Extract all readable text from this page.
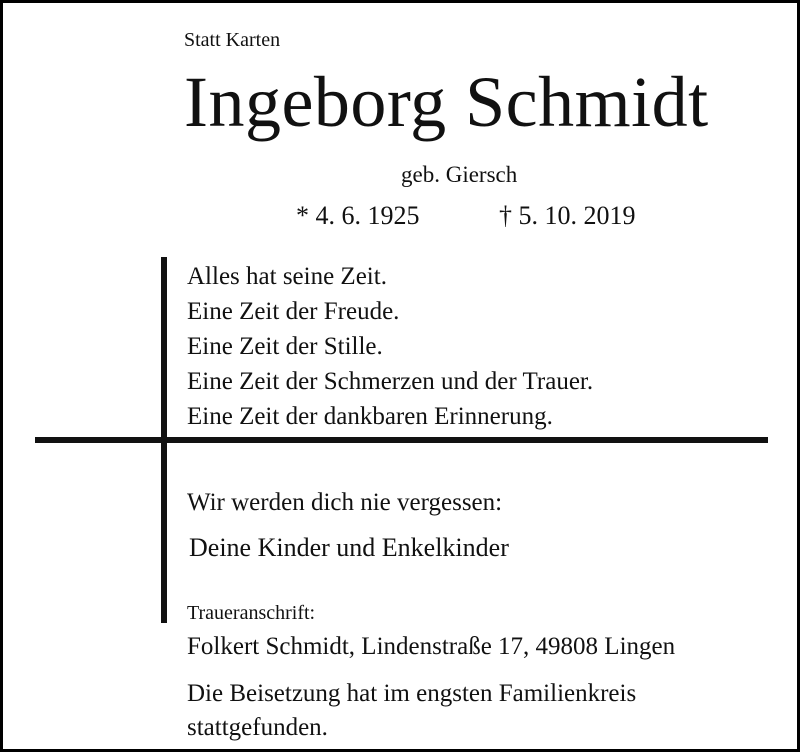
Statt Karten

Ingeborg Schmidt

geb. Giersch

* 4. 6. 1925	† 5. 10. 2019

Alles hat seine Zeit.
Eine Zeit der Freude.
Eine Zeit der Stille.
Eine Zeit der Schmerzen und der Trauer.
Eine Zeit der dankbaren Erinnerung.

Wir werden dich nie vergessen:

Deine Kinder und Enkelkinder

Traueranschrift:

Folkert Schmidt, Lindenstraße 17, 49808 Lingen

Die Beisetzung hat im engsten Familienkreis stattgefunden.
